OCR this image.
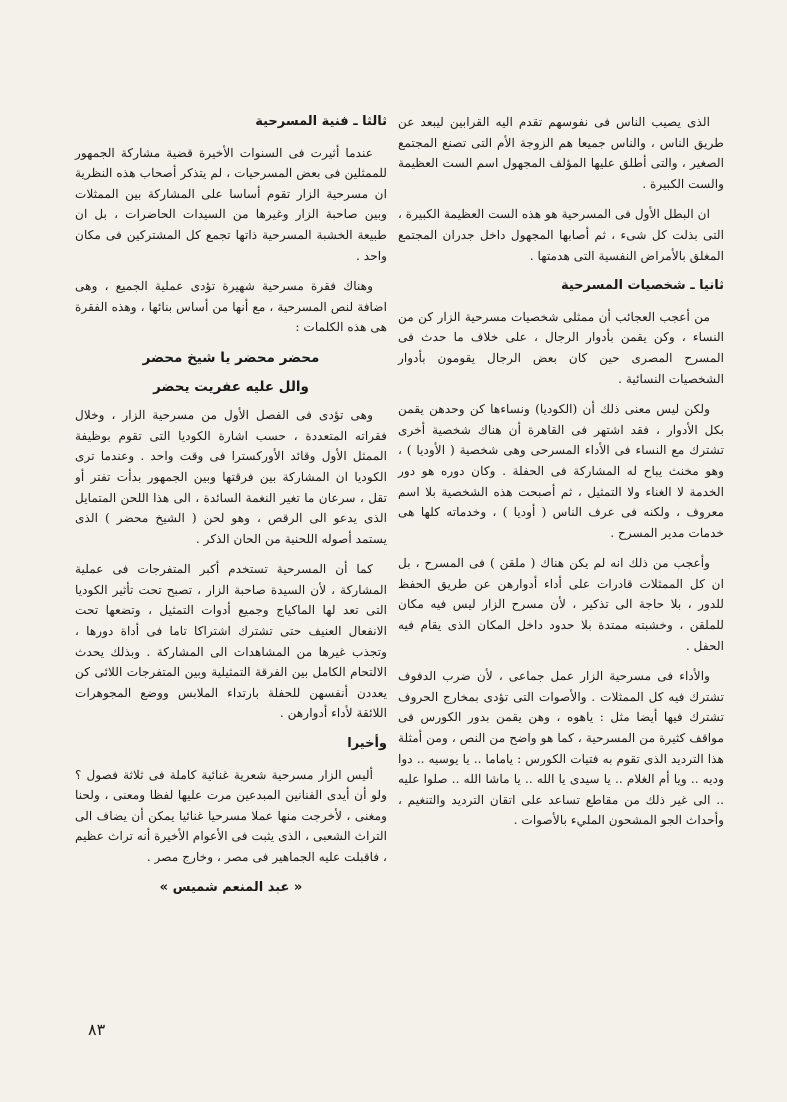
الذى يصيب الناس فى نفوسهم تقدم اليه القرابين ليبعد عن طريق الناس ، والناس جميعا هم الزوجة الأم التى تصنع المجتمع الصغير ، والتى أطلق عليها المؤلف المجهول اسم الست العظيمة والست الكبيرة .

ان البطل الأول فى المسرحية هو هذه الست العظيمة الكبيرة ، التى بذلت كل شىء ، ثم أصابها المجهول داخل جدران المجتمع المغلق بالأمراض النفسية التى هدمتها .

ثانيا ـ شخصيات المسرحية

من أعجب العجائب أن ممثلى شخصيات مسرحية الزار كن من النساء ، وكن يقمن بأدوار الرجال ، على خلاف ما حدث فى المسرح المصرى حين كان بعض الرجال يقومون بأدوار الشخصيات النسائية .

ولكن ليس معنى ذلك أن (الكوديا) ونساءها كن وحدهن يقمن بكل الأدوار ، فقد اشتهر فى القاهرة أن هناك شخصية أخرى تشترك مع النساء فى الأداء المسرحى وهى شخصية ( الأوديا ) ، وهو مخنث يباح له المشاركة فى الحفلة . وكان دوره هو دور الخدمة لا الغناء ولا التمثيل ، ثم أصبحت هذه الشخصية بلا اسم معروف ، ولكنه فى عرف الناس ( أوديا ) ، وخدماته كلها هى خدمات مدير المسرح .

وأعجب من ذلك انه لم يكن هناك ( ملقن ) فى المسرح ، بل ان كل الممثلات قادرات على أداء أدوارهن عن طريق الحفظ للدور ، بلا حاجة الى تذكير ، لأن مسرح الزار ليس فيه مكان للملقن ، وخشبته ممتدة بلا حدود داخل المكان الذى يقام فيه الحفل .

والأداء فى مسرحية الزار عمل جماعى ، لأن ضرب الدفوف تشترك فيه كل الممثلات . والأصوات التى تؤدى بمخارج الحروف تشترك فيها أيضا مثل : ياهوه ، وهن يقمن بدور الكورس فى مواقف كثيرة من المسرحية ، كما هو واضح من النص ، ومن أمثلة هذا الترديد الذى تقوم به فتيات الكورس : ياماما .. يا يوسيه .. دوا وديه .. ويا أم الغلام .. يا سيدى يا الله .. يا ماشا الله .. صلوا عليه .. الى غير ذلك من مقاطع تساعد على اتقان الترديد والتنغيم ، وأحداث الجو المشحون المليء بالأصوات .

ثالثا ـ فنية المسرحية

عندما أثيرت فى السنوات الأخيرة قضية مشاركة الجمهور للممثلين فى بعض المسرحيات ، لم يتذكر أصحاب هذه النظرية ان مسرحية الزار تقوم أساسا على المشاركة بين الممثلات وبين صاحبة الزار وغيرها من السيدات الحاضرات ، بل ان طبيعة الخشبة المسرحية ذاتها تجمع كل المشتركين فى مكان واحد .

وهناك فقرة مسرحية شهيرة تؤدى عملية الجميع ، وهى اضافة لنص المسرحية ، مع أنها من أساس بنائها ، وهذه الفقرة هى هذه الكلمات :

محضر محضر يا شيخ محضر
والل عليه عفريت يحضر

وهى تؤدى فى الفصل الأول من مسرحية الزار ، وخلال فقراته المتعددة ، حسب اشارة الكوديا التى تقوم بوظيفة الممثل الأول وقائد الأوركسترا فى وقت واحد . وعندما ترى الكوديا ان المشاركة بين فرقتها وبين الجمهور بدأت تفتر أو تقل ، سرعان ما تغير النغمة السائدة ، الى هذا اللحن المتمايل الذى يدعو الى الرقص ، وهو لحن ( الشيخ محضر ) الذى يستمد أصوله اللحنية من الحان الذكر .

كما أن المسرحية تستخدم أكبر المتفرجات فى عملية المشاركة ، لأن السيدة صاحبة الزار ، تصبح تحت تأثير الكوديا التى تعد لها الماكياج وجميع أدوات التمثيل ، وتضعها تحت الانفعال العنيف حتى تشترك اشتراكا تاما فى أداة دورها ، وتجذب غيرها من المشاهدات الى المشاركة . وبذلك يحدث الالتحام الكامل بين الفرقة التمثيلية وبين المتفرجات اللائى كن يعددن أنفسهن للحفلة بارتداء الملابس ووضع المجوهرات اللائقة لأداء أدوارهن .

وأخيرا

أليس الزار مسرحية شعرية غنائية كاملة فى ثلاثة فصول ؟ ولو أن أيدى الفنانين المبدعين مرت عليها لفظا ومعنى ، ولحنا ومغنى ، لأخرجت منها عملا مسرحيا غنائيا يمكن أن يضاف الى التراث الشعبى ، الذى يثبت فى الأعوام الأخيرة أنه تراث عظيم ، فاقبلت عليه الجماهير فى مصر ، وخارج مصر .

« عبد المنعم شميس »
٨٣
